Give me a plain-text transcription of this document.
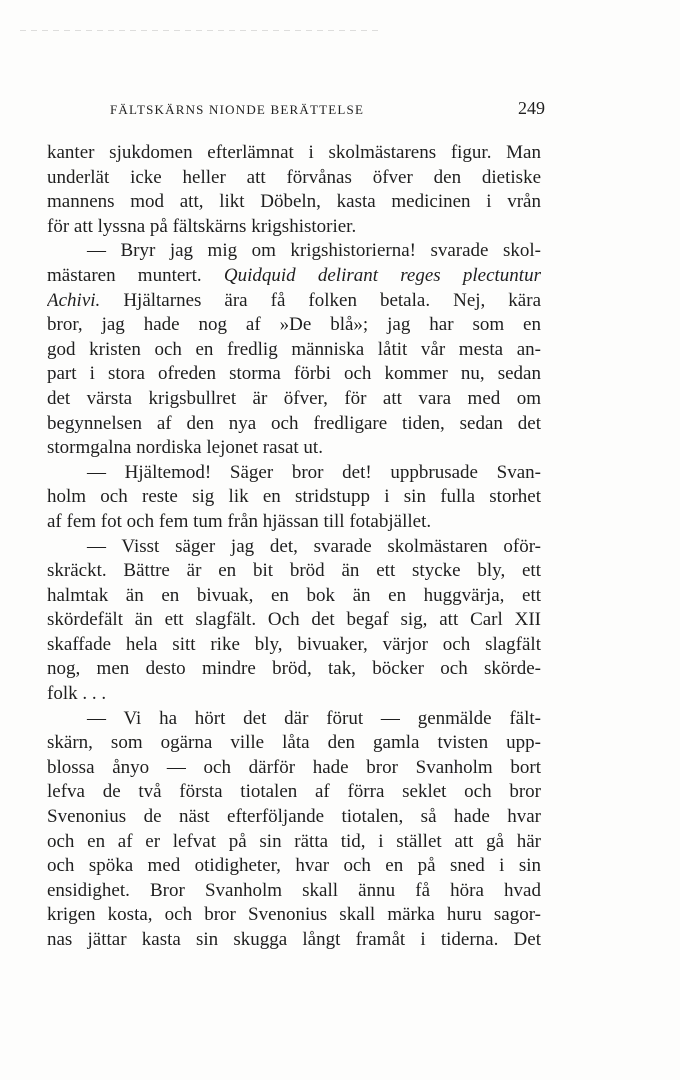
FÄLTSKÄRNS NIONDE BERÄTTELSE	249
kanter sjukdomen efterlämnat i skolmästarens figur. Man
underlät icke heller att förvånas öfver den dietiske
mannens mod att, likt Döbeln, kasta medicinen i vrån
för att lyssna på fältskärns krigshistorier.
— Bryr jag mig om krigshistorierna! svarade skol-
mästaren muntert. Quidquid delirant reges plectuntur
Achivi. Hjältarnes ära få folken betala. Nej, kära
bror, jag hade nog af »De blå»; jag har som en
god kristen och en fredlig människa låtit vår mesta an-
part i stora ofreden storma förbi och kommer nu, sedan
det värsta krigsbullret är öfver, för att vara med om
begynnelsen af den nya och fredligare tiden, sedan det
stormgalna nordiska lejonet rasat ut.
— Hjältemod! Säger bror det! uppbrusade Svan-
holm och reste sig lik en stridstupp i sin fulla storhet
af fem fot och fem tum från hjässan till fotabjället.
— Visst säger jag det, svarade skolmästaren oför-
skräckt. Bättre är en bit bröd än ett stycke bly, ett
halmtak än en bivuak, en bok än en huggvärja, ett
skördefält än ett slagfält. Och det begaf sig, att Carl XII
skaffade hela sitt rike bly, bivuaker, värjor och slagfält
nog, men desto mindre bröd, tak, böcker och skörde-
folk . . .
— Vi ha hört det där förut — genmälde fält-
skärn, som ogärna ville låta den gamla tvisten upp-
blossa ånyo — och därför hade bror Svanholm bort
lefva de två första tiotalen af förra seklet och bror
Svenonius de näst efterföljande tiotalen, så hade hvar
och en af er lefvat på sin rätta tid, i stället att gå här
och spöka med otidigheter, hvar och en på sned i sin
ensidighet. Bror Svanholm skall ännu få höra hvad
krigen kosta, och bror Svenonius skall märka huru sagor-
nas jättar kasta sin skugga långt framåt i tiderna. Det
